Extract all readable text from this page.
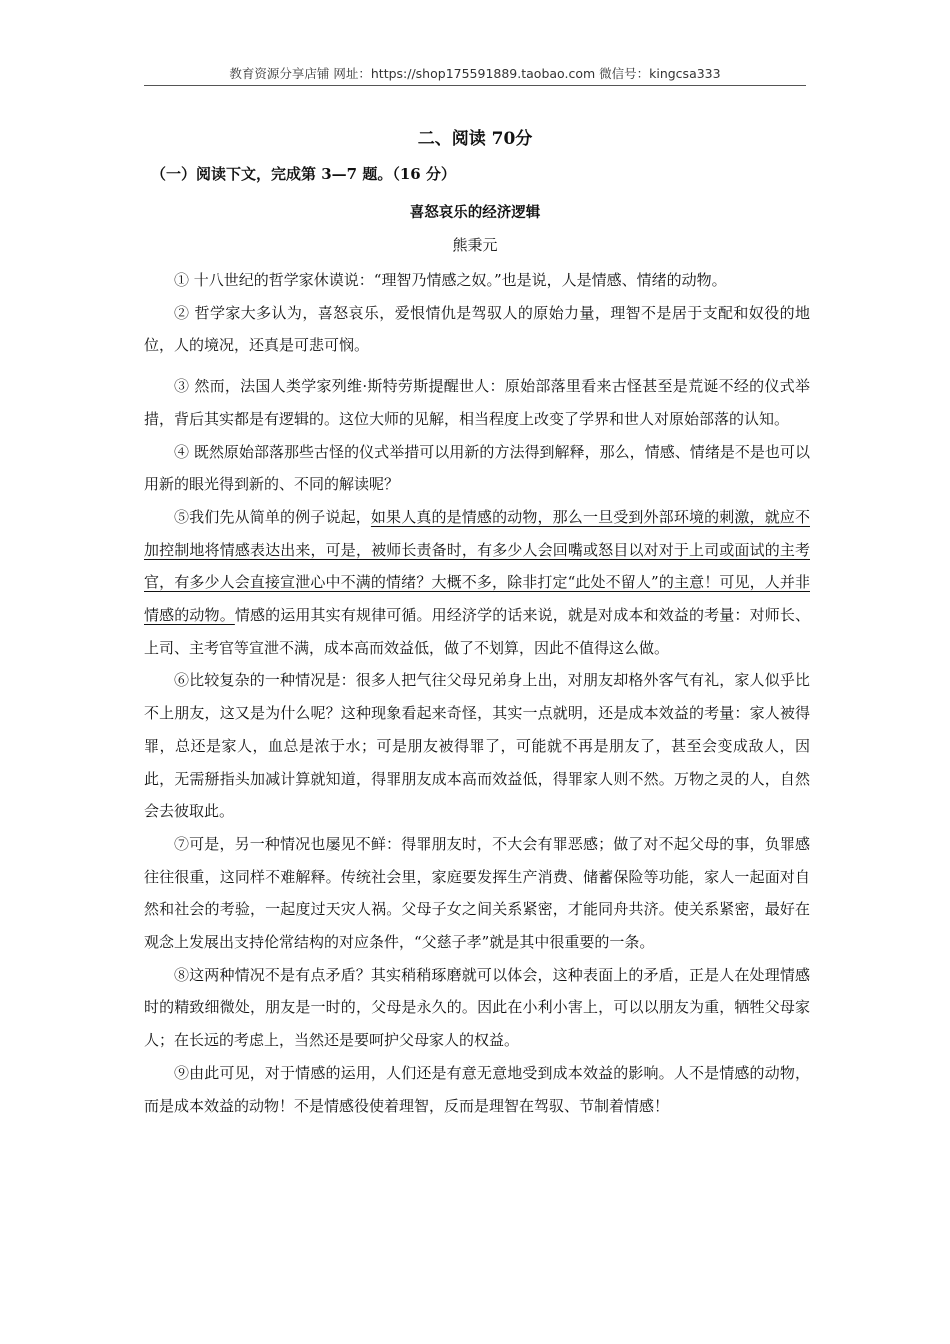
教育资源分享店铺 网址：https://shop175591889.taobao.com 微信号：kingcsa333
二、阅读 70分
（一）阅读下文，完成第 3—7 题。（16 分）
喜怒哀乐的经济逻辑
熊秉元

① 十八世纪的哲学家休谟说：“理智乃情感之奴。”也是说，人是情感、情绪的动物。

② 哲学家大多认为，喜怒哀乐，爱恨情仇是驾驭人的原始力量，理智不是居于支配和奴役的地位，人的境况，还真是可悲可悯。

③ 然而，法国人类学家列维·斯特劳斯提醒世人：原始部落里看来古怪甚至是荒诞不经的仪式举措，背后其实都是有逻辑的。这位大师的见解，相当程度上改变了学界和世人对原始部落的认知。

④ 既然原始部落那些古怪的仪式举措可以用新的方法得到解释，那么，情感、情绪是不是也可以用新的眼光得到新的、不同的解读呢？

⑤我们先从简单的例子说起，如果人真的是情感的动物，那么一旦受到外部环境的刺激，就应不加控制地将情感表达出来，可是，被师长责备时，有多少人会回嘴或怒目以对对于上司或面试的主考官，有多少人会直接宣泄心中不满的情绪？大概不多，除非打定“此处不留人”的主意！可见，人并非情感的动物。情感的运用其实有规律可循。用经济学的话来说，就是对成本和效益的考量：对师长、上司、主考官等宣泄不满，成本高而效益低，做了不划算，因此不值得这么做。

⑥比较复杂的一种情况是：很多人把气往父母兄弟身上出，对朋友却格外客气有礼，家人似乎比不上朋友，这又是为什么呢？这种现象看起来奇怪，其实一点就明，还是成本效益的考量：家人被得罪，总还是家人，血总是浓于水；可是朋友被得罪了，可能就不再是朋友了，甚至会变成敌人，因此，无需掰指头加减计算就知道，得罪朋友成本高而效益低，得罪家人则不然。万物之灵的人，自然会去彼取此。

⑦可是，另一种情况也屡见不鲜：得罪朋友时，不大会有罪恶感；做了对不起父母的事，负罪感往往很重，这同样不难解释。传统社会里，家庭要发挥生产消费、储蓄保险等功能，家人一起面对自然和社会的考验，一起度过天灾人祸。父母子女之间关系紧密，才能同舟共济。使关系紧密，最好在观念上发展出支持伦常结构的对应条件，“父慈子孝”就是其中很重要的一条。

⑧这两种情况不是有点矛盾？其实稍稍琢磨就可以体会，这种表面上的矛盾，正是人在处理情感时的精致细微处，朋友是一时的，父母是永久的。因此在小利小害上，可以以朋友为重，牺牲父母家人；在长远的考虑上，当然还是要呵护父母家人的权益。

⑨由此可见，对于情感的运用，人们还是有意无意地受到成本效益的影响。人不是情感的动物，而是成本效益的动物！不是情感役使着理智，反而是理智在驾驭、节制着情感！
